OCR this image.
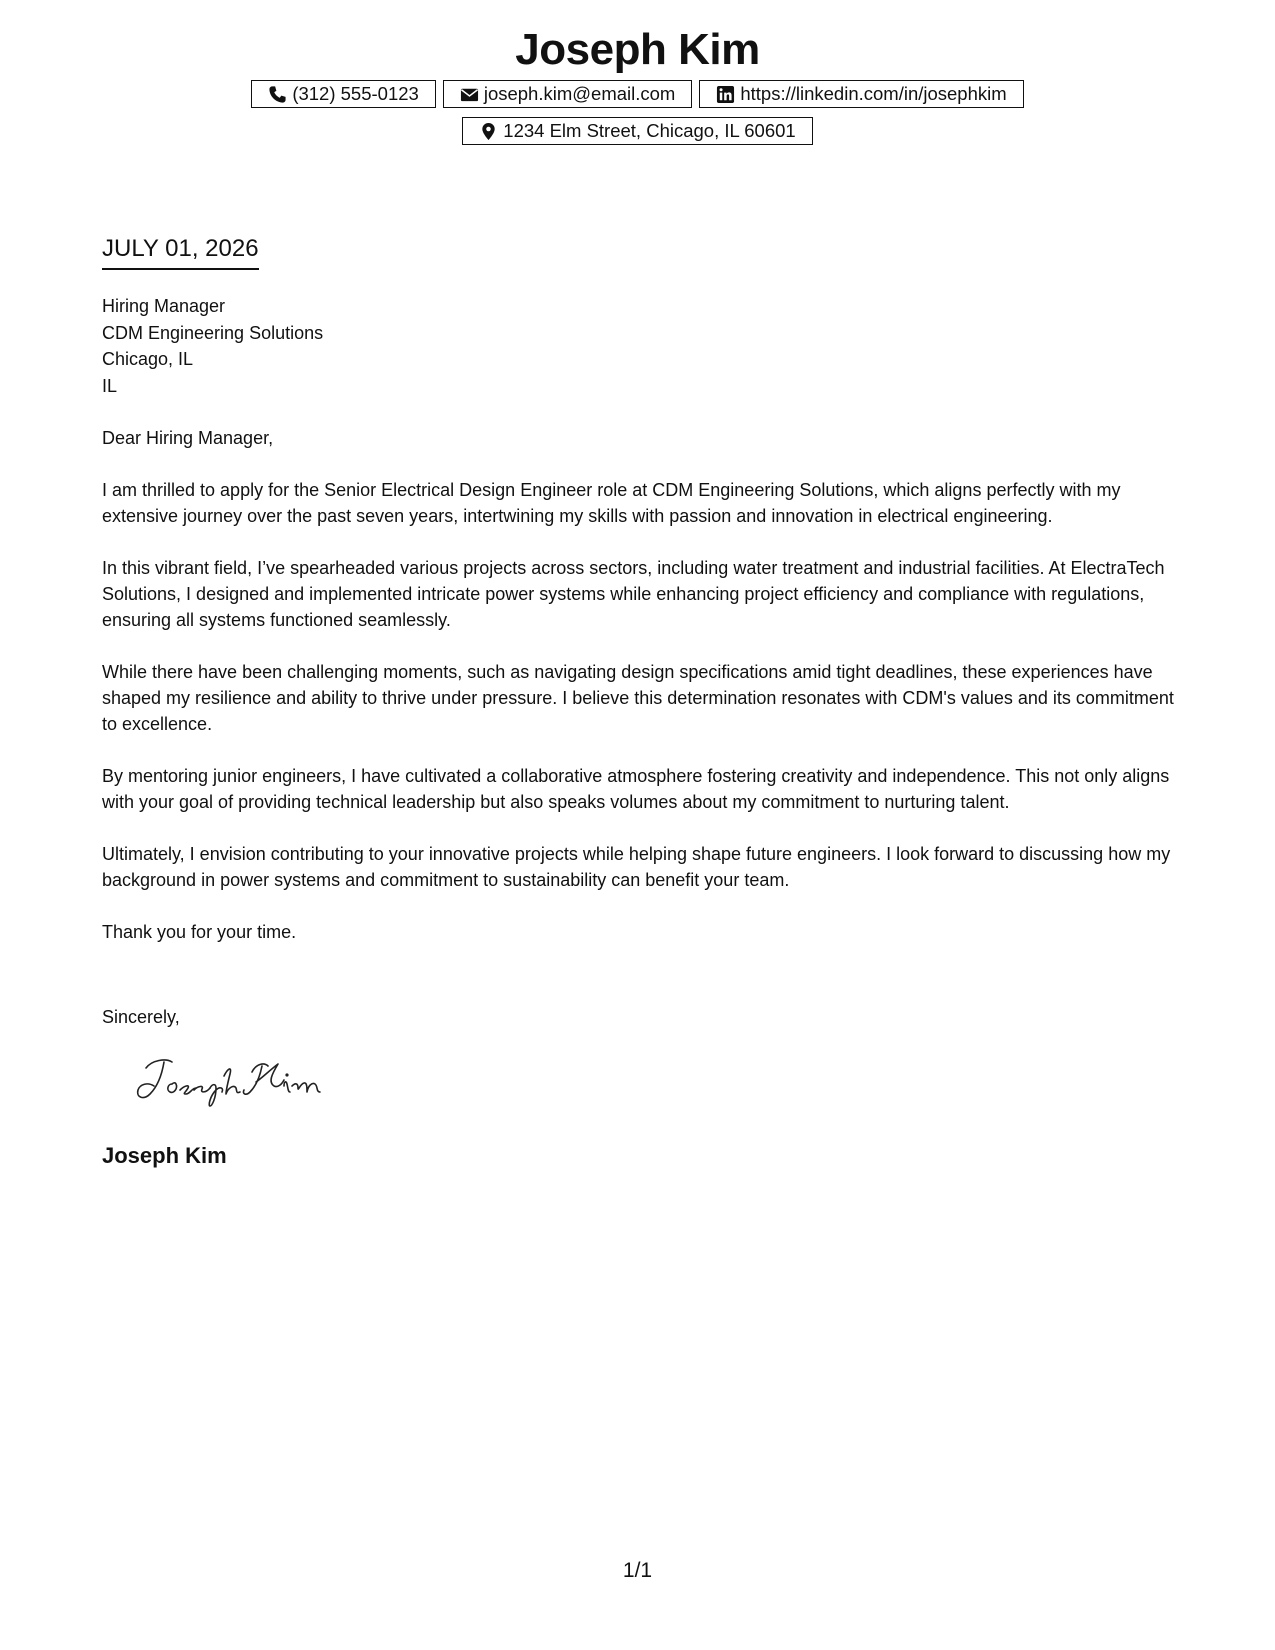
Joseph Kim
(312) 555-0123	joseph.kim@email.com	https://linkedin.com/in/josephkim
1234 Elm Street, Chicago, IL 60601
JULY 01, 2026
Hiring Manager
CDM Engineering Solutions
Chicago, IL
IL

Dear Hiring Manager,

I am thrilled to apply for the Senior Electrical Design Engineer role at CDM Engineering Solutions, which aligns perfectly with my extensive journey over the past seven years, intertwining my skills with passion and innovation in electrical engineering.

In this vibrant field, I’ve spearheaded various projects across sectors, including water treatment and industrial facilities. At ElectraTech Solutions, I designed and implemented intricate power systems while enhancing project efficiency and compliance with regulations, ensuring all systems functioned seamlessly.

While there have been challenging moments, such as navigating design specifications amid tight deadlines, these experiences have shaped my resilience and ability to thrive under pressure. I believe this determination resonates with CDM's values and its commitment to excellence.

By mentoring junior engineers, I have cultivated a collaborative atmosphere fostering creativity and independence. This not only aligns with your goal of providing technical leadership but also speaks volumes about my commitment to nurturing talent.

Ultimately, I envision contributing to your innovative projects while helping shape future engineers. I look forward to discussing how my background in power systems and commitment to sustainability can benefit your team.

Thank you for your time.

Sincerely,
Joseph Kim
1/1
